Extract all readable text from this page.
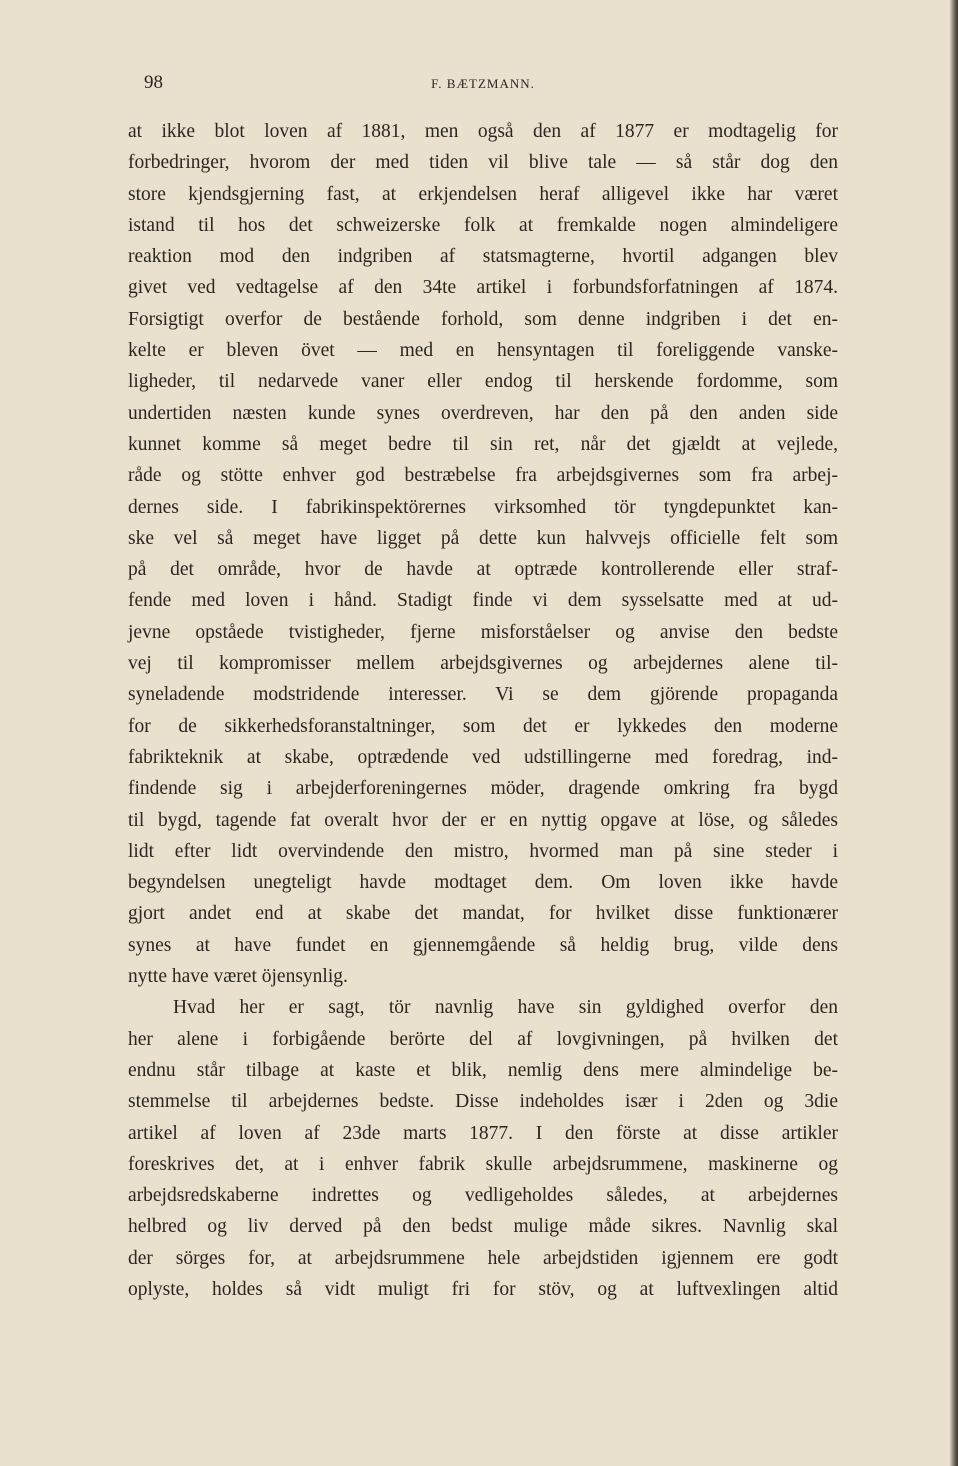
98	F. BÆTZMANN.
at ikke blot loven af 1881, men også den af 1877 er modtagelig for
forbedringer, hvorom der med tiden vil blive tale — så står dog den
store kjendsgjerning fast, at erkjendelsen heraf alligevel ikke har været
istand til hos det schweizerske folk at fremkalde nogen almindeligere
reaktion mod den indgriben af statsmagterne, hvortil adgangen blev
givet ved vedtagelse af den 34te artikel i forbundsforfatningen af 1874.
Forsigtigt overfor de bestående forhold, som denne indgriben i det en-
kelte er bleven övet — med en hensyntagen til foreliggende vanske-
ligheder, til nedarvede vaner eller endog til herskende fordomme, som
undertiden næsten kunde synes overdreven, har den på den anden side
kunnet komme så meget bedre til sin ret, når det gjældt at vejlede,
råde og stötte enhver god bestræbelse fra arbejdsgivernes som fra arbej-
dernes side. I fabrikinspektörernes virksomhed tör tyngdepunktet kan-
ske vel så meget have ligget på dette kun halvvejs officielle felt som
på det område, hvor de havde at optræde kontrollerende eller straf-
fende med loven i hånd. Stadigt finde vi dem sysselsatte med at ud-
jevne opståede tvistigheder, fjerne misforståelser og anvise den bedste
vej til kompromisser mellem arbejdsgivernes og arbejdernes alene til-
syneladende modstridende interesser. Vi se dem gjörende propaganda
for de sikkerhedsforanstaltninger, som det er lykkedes den moderne
fabrikteknik at skabe, optrædende ved udstillingerne med foredrag, ind-
findende sig i arbejderforeningernes möder, dragende omkring fra bygd
til bygd, tagende fat overalt hvor der er en nyttig opgave at löse, og således
lidt efter lidt overvindende den mistro, hvormed man på sine steder i
begyndelsen unegteligt havde modtaget dem. Om loven ikke havde
gjort andet end at skabe det mandat, for hvilket disse funktionærer
synes at have fundet en gjennemgående så heldig brug, vilde dens
nytte have været öjensynlig.
Hvad her er sagt, tör navnlig have sin gyldighed overfor den
her alene i forbigående berörte del af lovgivningen, på hvilken det
endnu står tilbage at kaste et blik, nemlig dens mere almindelige be-
stemmelse til arbejdernes bedste. Disse indeholdes især i 2den og 3die
artikel af loven af 23de marts 1877. I den förste at disse artikler
foreskrives det, at i enhver fabrik skulle arbejdsrummene, maskinerne og
arbejdsredskaberne indrettes og vedligeholdes således, at arbejdernes
helbred og liv derved på den bedst mulige måde sikres. Navnlig skal
der sörges for, at arbejdsrummene hele arbejdstiden igjennem ere godt
oplyste, holdes så vidt muligt fri for stöv, og at luftvexlingen altid
